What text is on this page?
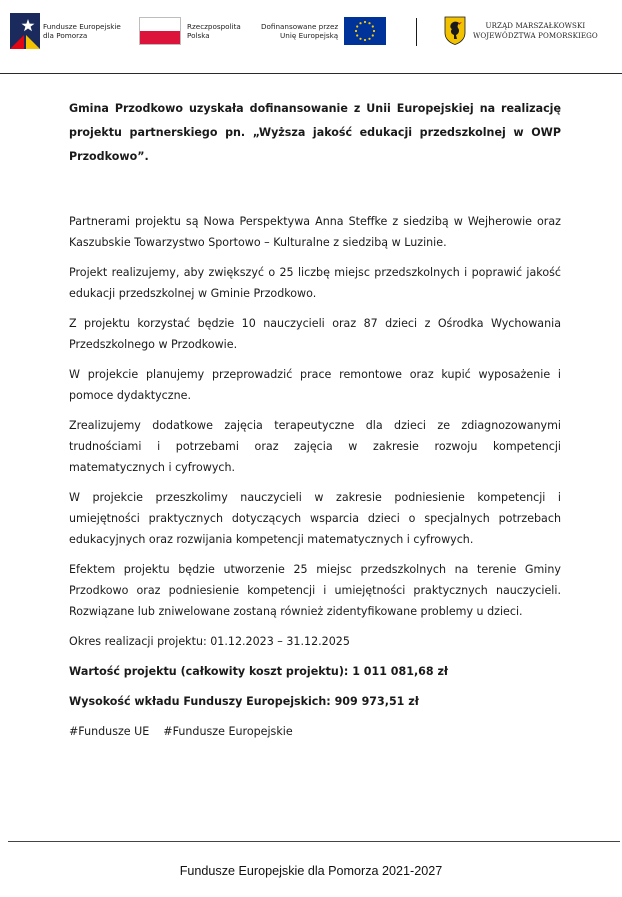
Fundusze Europejskie
dla Pomorza
Rzeczpospolita
Polska
Dofinansowane przez
Unię Europejską
URZĄD MARSZAŁKOWSKI
WOJEWÓDZTWA POMORSKIEGO

Gmina Przodkowo uzyskała dofinansowanie z Unii Europejskiej na realizację projektu partnerskiego pn. „Wyższa jakość edukacji przedszkolnej w OWP Przodkowo”.

Partnerami projektu są Nowa Perspektywa Anna Steffke z siedzibą w Wejherowie oraz Kaszubskie Towarzystwo Sportowo – Kulturalne z siedzibą w Luzinie.

Projekt realizujemy, aby zwiększyć o 25 liczbę miejsc przedszkolnych i poprawić jakość edukacji przedszkolnej w Gminie Przodkowo.

Z projektu korzystać będzie 10 nauczycieli oraz 87 dzieci z Ośrodka Wychowania Przedszkolnego w Przodkowie.

W projekcie planujemy przeprowadzić prace remontowe oraz kupić wyposażenie i pomoce dydaktyczne.

Zrealizujemy dodatkowe zajęcia terapeutyczne dla dzieci ze zdiagnozowanymi trudnościami i potrzebami oraz zajęcia w zakresie rozwoju kompetencji matematycznych i cyfrowych.

W projekcie przeszkolimy nauczycieli w zakresie podniesienie kompetencji i umiejętności praktycznych dotyczących wsparcia dzieci o specjalnych potrzebach edukacyjnych oraz rozwijania kompetencji matematycznych i cyfrowych.

Efektem projektu będzie utworzenie 25 miejsc przedszkolnych na terenie Gminy Przodkowo oraz podniesienie kompetencji i umiejętności praktycznych nauczycieli. Rozwiązane lub zniwelowane zostaną również zidentyfikowane problemy u dzieci.

Okres realizacji projektu: 01.12.2023 – 31.12.2025

Wartość projektu (całkowity koszt projektu): 1 011 081,68 zł

Wysokość wkładu Funduszy Europejskich: 909 973,51 zł

#Fundusze UE #Fundusze Europejskie

Fundusze Europejskie dla Pomorza 2021-2027
